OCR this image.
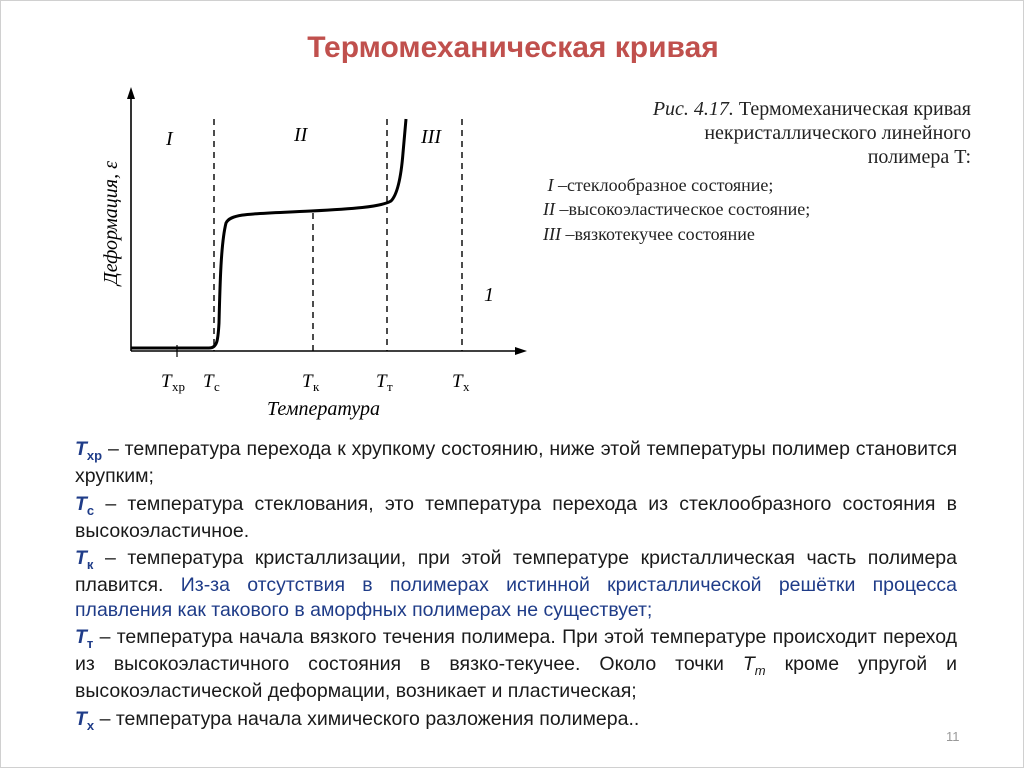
Термомеханическая кривая
I	II	III
1
Деформация, ε
T хр T с	T к	T т	T х
Температура
Рис. 4.17. Термомеханическая кривая
некристаллического линейного
полимера T:
I –стеклообразное состояние;
II –высокоэластическое состояние;
III –вязкотекучее состояние

$T_{хр}$ – температура перехода к хрупкому состоянию, ниже этой температуры полимер становится хрупким;

$T_с$ – температура стеклования, это температура перехода из стеклообразного состояния в высокоэластичное.

$T_к$ – температура кристаллизации, при этой температуре кристаллическая часть полимера плавится. Из-за отсутствия в полимерах истинной кристаллической решётки процесса плавления как такового в аморфных полимерах не существует;

$T_т$ – температура начала вязкого течения полимера. При этой температуре происходит переход из высокоэластичного состояния в вязко-текучее. Около точки $T_т$ кроме упругой и высокоэластической деформации, возникает и пластическая;

$T_х$ – температура начала химического разложения полимера..

11
